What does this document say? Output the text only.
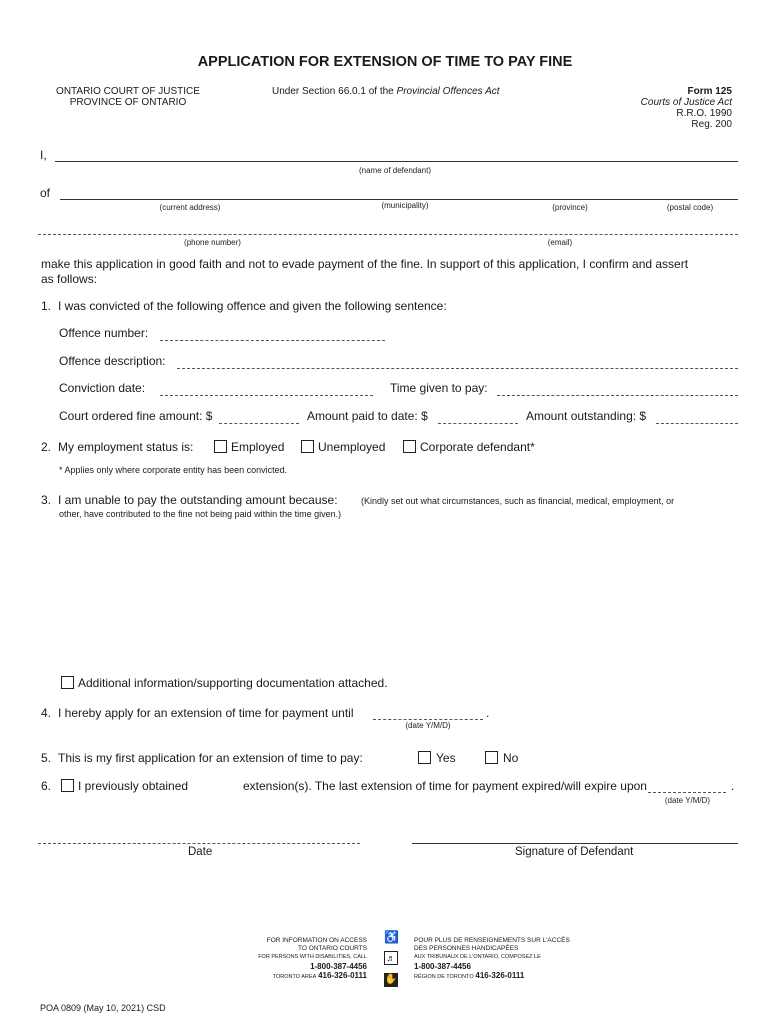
APPLICATION FOR EXTENSION OF TIME TO PAY FINE
ONTARIO COURT OF JUSTICE
PROVINCE OF ONTARIO
Under Section 66.0.1 of the Provincial Offences Act	Form 125
Courts of Justice Act
R.R.O. 1990
Reg. 200
I,
(name of defendant)
of
(current address)	(municipality)	(province)	(postal code)
(phone number)	(email)
make this application in good faith and not to evade payment of the fine. In support of this application, I confirm and assert
as follows:
1. I was convicted of the following offence and given the following sentence:
Offence number:
Offence description:
Conviction date:	Time given to pay:
Court ordered fine amount: $	Amount paid to date: $	Amount outstanding: $
2. My employment status is:	Employed	Unemployed	Corporate defendant*
* Applies only where corporate entity has been convicted.
3. I am unable to pay the outstanding amount because:	(Kindly set out what circumstances, such as financial, medical, employment, or
other, have contributed to the fine not being paid within the time given.)
Additional information/supporting documentation attached.
4. I hereby apply for an extension of time for payment until	.
(date Y/M/D)
5. This is my first application for an extension of time to pay:	Yes	No
6. I previously obtained	extension(s). The last extension of time for payment expired/will expire upon	.
(date Y/M/D)
Date	Signature of Defendant
FOR INFORMATION ON ACCESS
TO ONTARIO COURTS
FOR PERSONS WITH DISABILITIES, CALL
1-800-387-4456
TORONTO AREA 416-326-0111
♿
♬
✋
POUR PLUS DE RENSEIGNEMENTS SUR L'ACCÈS
DES PERSONNES HANDICAPÉES
AUX TRIBUNAUX DE L'ONTARIO, COMPOSEZ LE
1-800-387-4456
RÉGION DE TORONTO 416-326-0111
POA 0809 (May 10, 2021) CSD
